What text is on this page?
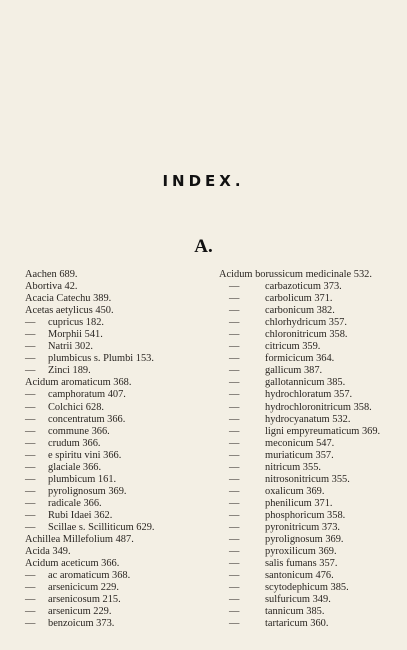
INDEX.
A.
Aachen 689.
Abortiva 42.
Acacia Catechu 389.
Acetas aetylicus 450.
— cupricus 182.
— Morphii 541.
— Natrii 302.
— plumbicus s. Plumbi 153.
— Zinci 189.
Acidum aromaticum 368.
— camphoratum 407.
— Colchici 628.
— concentratum 366.
— commune 366.
— crudum 366.
— e spiritu vini 366.
— glaciale 366.
— plumbicum 161.
— pyrolignosum 369.
— radicale 366.
— Rubi Idaei 362.
— Scillae s. Scilliticum 629.
Achillea Millefolium 487.
Acida 349.
Acidum aceticum 366.
— ac aromaticum 368.
— arsenicicum 229.
— arsenicosum 215.
— arsenicum 229.
— benzoicum 373.
Acidum borussicum medicinale 532.
— carbazoticum 373.
— carbolicum 371.
— carbonicum 382.
— chlorhydricum 357.
— chloronitricum 358.
— citricum 359.
— formicicum 364.
— gallicum 387.
— gallotannicum 385.
— hydrochloratum 357.
— hydrochloronitricum 358.
— hydrocyanatum 532.
— ligni empyreumaticum 369.
— meconicum 547.
— muriaticum 357.
— nitricum 355.
— nitrosonitricum 355.
— oxalicum 369.
— phenilicum 371.
— phosphoricum 358.
— pyronitricum 373.
— pyrolignosum 369.
— pyroxilicum 369.
— salis fumans 357.
— santonicum 476.
— scytodephicum 385.
— sulfuricum 349.
— tannicum 385.
— tartaricum 360.
